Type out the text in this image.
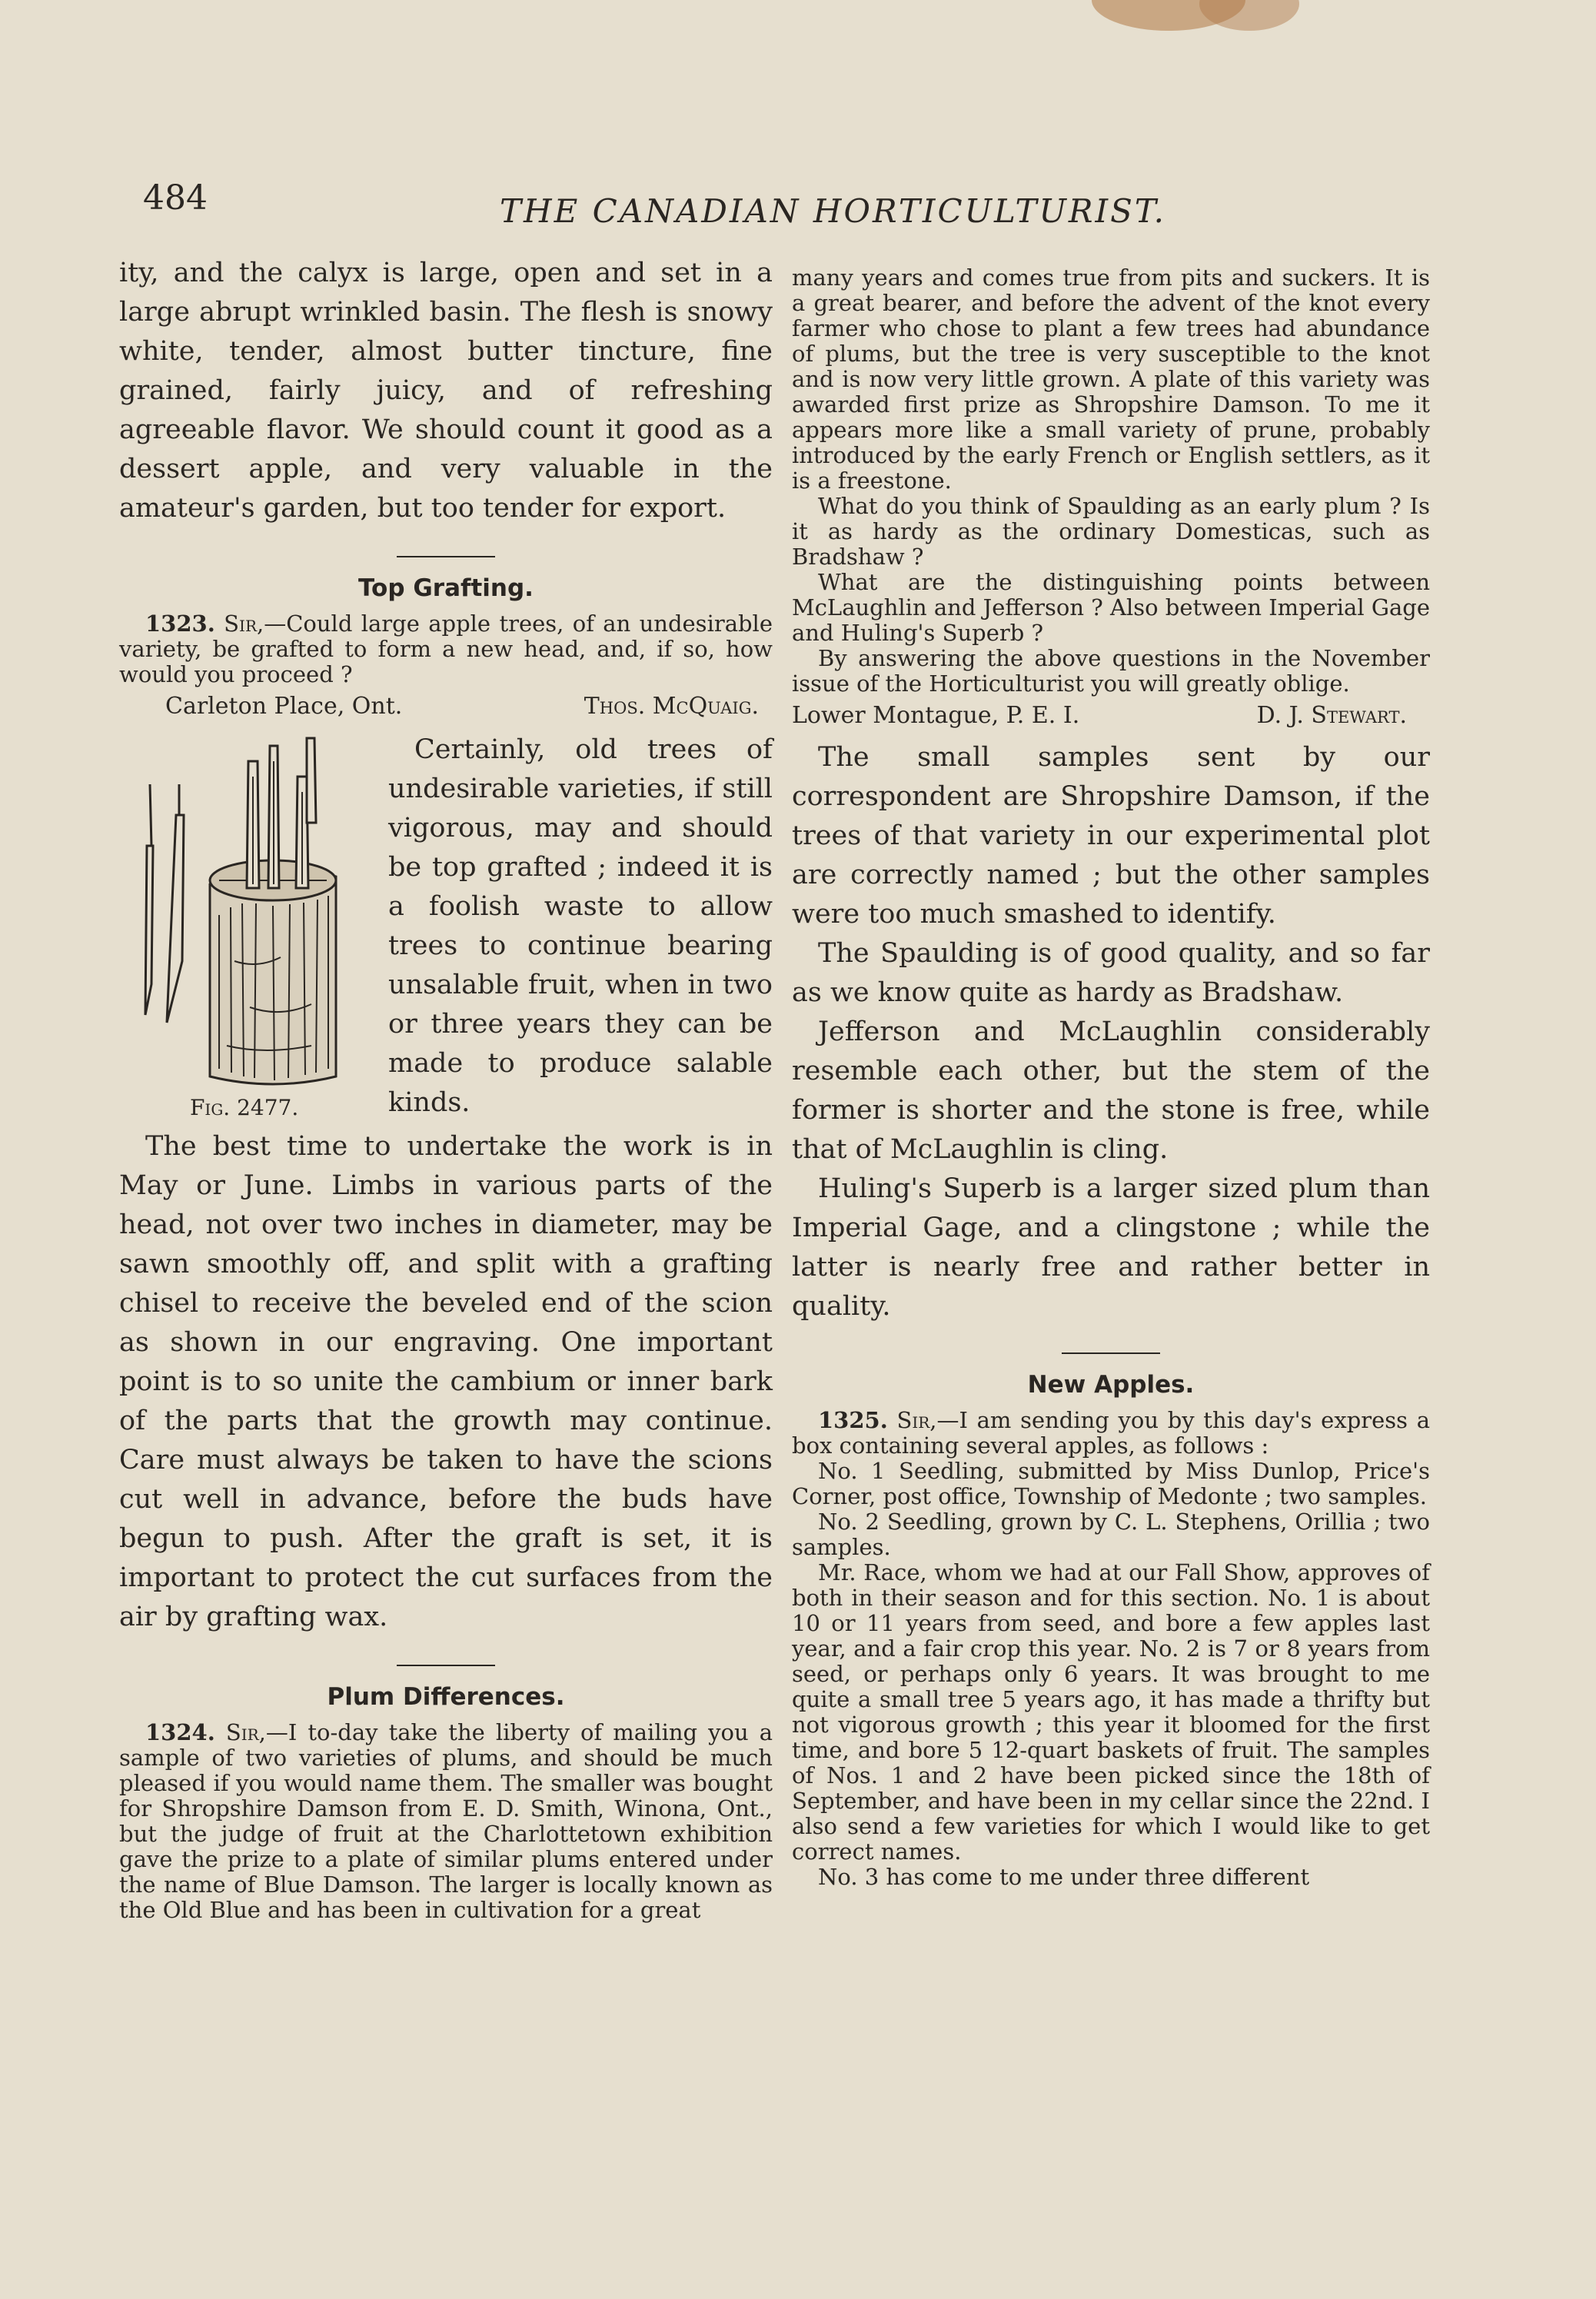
484	THE CANADIAN HORTICULTURIST.

ity, and the calyx is large, open and set in a large abrupt wrinkled basin. The flesh is snowy white, tender, almost butter tincture, fine grained, fairly juicy, and of refreshing agreeable flavor. We should count it good as a dessert apple, and very valuable in the amateur's garden, but too tender for export.

Top Grafting.

1323. Sir,—Could large apple trees, of an undesirable variety, be grafted to form a new head, and, if so, how would you proceed ?

Carleton Place, Ont.	Thos. McQuaig.
Fig. 2477.

Certainly, old trees of undesirable varieties, if still vigorous, may and should be top grafted ; indeed it is a foolish waste to allow trees to continue bearing unsalable fruit, when in two or three years they can be made to produce salable kinds.

The best time to undertake the work is in May or June. Limbs in various parts of the head, not over two inches in diameter, may be sawn smoothly off, and split with a grafting chisel to receive the beveled end of the scion as shown in our engraving. One important point is to so unite the cambium or inner bark of the parts that the growth may continue. Care must always be taken to have the scions cut well in advance, before the buds have begun to push. After the graft is set, it is important to protect the cut surfaces from the air by grafting wax.

Plum Differences.

1324. Sir,—I to-day take the liberty of mailing you a sample of two varieties of plums, and should be much pleased if you would name them. The smaller was bought for Shropshire Damson from E. D. Smith, Winona, Ont., but the judge of fruit at the Charlottetown exhibition gave the prize to a plate of similar plums entered under the name of Blue Damson. The larger is locally known as the Old Blue and has been in cultivation for a great

many years and comes true from pits and suckers. It is a great bearer, and before the advent of the knot every farmer who chose to plant a few trees had abundance of plums, but the tree is very susceptible to the knot and is now very little grown. A plate of this variety was awarded first prize as Shropshire Damson. To me it appears more like a small variety of prune, probably introduced by the early French or English settlers, as it is a freestone.

What do you think of Spaulding as an early plum ? Is it as hardy as the ordinary Domesticas, such as Bradshaw ?

What are the distinguishing points between McLaughlin and Jefferson ? Also between Imperial Gage and Huling's Superb ?

By answering the above questions in the November issue of the Horticulturist you will greatly oblige.

Lower Montague, P. E. I.	D. J. Stewart.

The small samples sent by our correspondent are Shropshire Damson, if the trees of that variety in our experimental plot are correctly named ; but the other samples were too much smashed to identify.

The Spaulding is of good quality, and so far as we know quite as hardy as Bradshaw.

Jefferson and McLaughlin considerably resemble each other, but the stem of the former is shorter and the stone is free, while that of McLaughlin is cling.

Huling's Superb is a larger sized plum than Imperial Gage, and a clingstone ; while the latter is nearly free and rather better in quality.

New Apples.

1325. Sir,—I am sending you by this day's express a box containing several apples, as follows :

No. 1 Seedling, submitted by Miss Dunlop, Price's Corner, post office, Township of Medonte ; two samples.

No. 2 Seedling, grown by C. L. Stephens, Orillia ; two samples.

Mr. Race, whom we had at our Fall Show, approves of both in their season and for this section. No. 1 is about 10 or 11 years from seed, and bore a few apples last year, and a fair crop this year. No. 2 is 7 or 8 years from seed, or perhaps only 6 years. It was brought to me quite a small tree 5 years ago, it has made a thrifty but not vigorous growth ; this year it bloomed for the first time, and bore 5 12-quart baskets of fruit. The samples of Nos. 1 and 2 have been picked since the 18th of September, and have been in my cellar since the 22nd. I also send a few varieties for which I would like to get correct names.

No. 3 has come to me under three different
